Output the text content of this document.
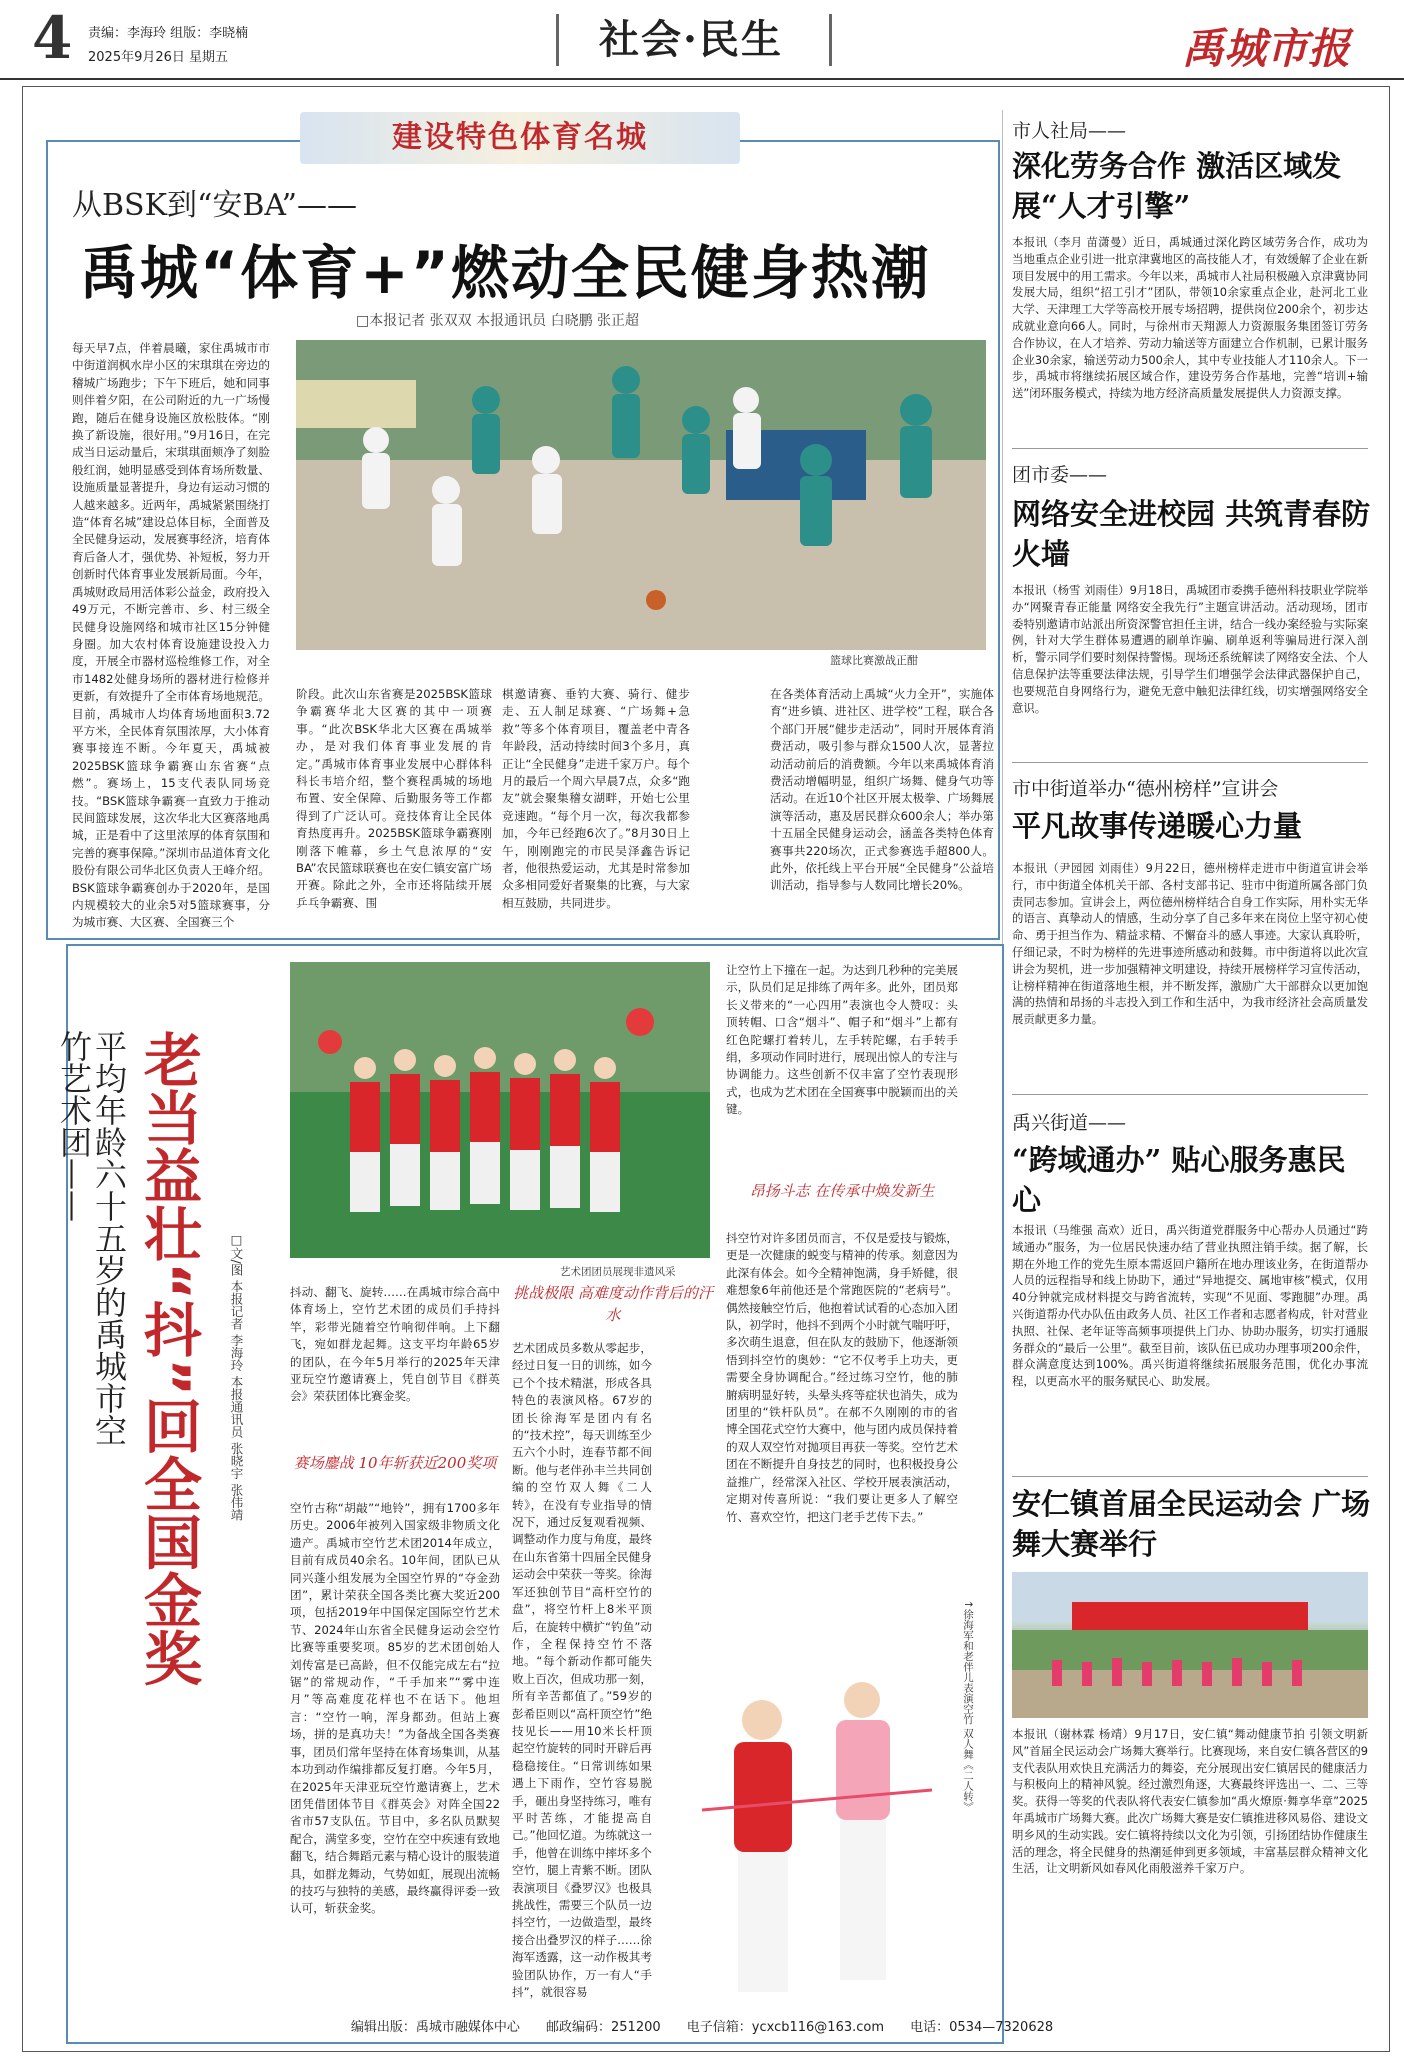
4 责编：李海玲 组版：李晓楠
2025年9月26日 星期五	社会·民生	禹城市报
建设特色体育名城
从BSK到“安BA”——
禹城“体育+”燃动全民健身热潮
□本报记者 张双双 本报通讯员 白晓鹏 张正超
每天早7点，伴着晨曦，家住禹城市市中街道润枫水岸小区的宋琪琪在旁边的稽城广场跑步；下午下班后，她和同事则伴着夕阳，在公司附近的九一广场慢跑，随后在健身设施区放松肢体。“刚换了新设施，很好用。”9月16日，在完成当日运动量后，宋琪琪面颊净了刻脸般红润，她明显感受到体育场所数量、设施质量显著提升，身边有运动习惯的人越来越多。近两年，禹城紧紧围绕打造“体育名城”建设总体目标，全面普及全民健身运动，发展赛事经济，培育体育后备人才，强优势、补短板，努力开创新时代体育事业发展新局面。今年，禹城财政局用活体彩公益金，政府投入49万元，不断完善市、乡、村三级全民健身设施网络和城市社区15分钟健身圈。加大农村体育设施建设投入力度，开展全市器材巡检维修工作，对全市1482处健身场所的器材进行检修并更新，有效提升了全市体育场地规范。目前，禹城市人均体育场地面积3.72平方米，全民体育氛围浓厚，大小体育赛事接连不断。今年夏天，禹城被2025BSK篮球争霸赛山东省赛“点燃”。赛场上，15支代表队同场竞技。“BSK篮球争霸赛一直致力于推动民间篮球发展，这次华北大区赛落地禹城，正是看中了这里浓厚的体育氛围和完善的赛事保障。”深圳市品道体育文化股份有限公司华北区负责人王峰介绍。BSK篮球争霸赛创办于2020年，是国内规模较大的业余5对5篮球赛事，分为城市赛、大区赛、全国赛三个
篮球比赛激战正酣
阶段。此次山东省赛是2025BSK篮球争霸赛华北大区赛的其中一项赛事。“此次BSK华北大区赛在禹城举办，是对我们体育事业发展的肯定。”禹城市体育事业发展中心群体科科长韦培介绍，整个赛程禹城的场地布置、安全保障、后勤服务等工作都得到了广泛认可。竞技体育让全民体育热度再升。2025BSK篮球争霸赛刚刚落下帷幕，乡土气息浓厚的“安BA”农民篮球联赛也在安仁镇安富广场开赛。除此之外，全市还将陆续开展乒乓争霸赛、围
棋邀请赛、垂钓大赛、骑行、健步走、五人制足球赛、“广场舞+急救”等多个体育项目，覆盖老中青各年龄段，活动持续时间3个多月，真正让“全民健身”走进千家万户。每个月的最后一个周六早晨7点，众多“跑友”就会聚集稽女湖畔，开始七公里竞速跑。“每个月一次，每次我都参加，今年已经跑6次了。”8月30日上午，刚刚跑完的市民吴泽鑫告诉记者，他很热爱运动，尤其是时常参加众多相同爱好者聚集的比赛，与大家相互鼓励，共同进步。
在各类体育活动上禹城“火力全开”，实施体育“进乡镇、进社区、进学校”工程，联合各个部门开展“健步走活动”，同时开展体育消费活动，吸引参与群众1500人次，显著拉动活动前后的消费额。今年以来禹城体育消费活动增幅明显，组织广场舞、健身气功等活动。在近10个社区开展太极拳、广场舞展演等活动，惠及居民群众600余人；举办第十五届全民健身运动会，涵盖各类特色体育赛事共220场次，正式参赛选手超800人。此外，依托线上平台开展“全民健身”公益培训活动，指导参与人数同比增长20%。
平均年龄六十五岁的禹城市空竹艺术团—— 老当益壮“抖”回全国金奖	□文/图 本报记者 李海玲 本报通讯员 张晓宇 张伟靖	艺术团团员展现非遗风采
抖动、翻飞、旋转……在禹城市综合高中体育场上，空竹艺术团的成员们手持抖竿，彩带光随着空竹响彻伴响。上下翻飞，宛如群龙起舞。这支平均年龄65岁的团队，在今年5月举行的2025年天津亚玩空竹邀请赛上，凭自创节目《群英会》荣获团体比赛金奖。
赛场鏖战 10年斩获近200奖项
空竹古称“胡敲”“地铃”，拥有1700多年历史。2006年被列入国家级非物质文化遗产。禹城市空竹艺术团2014年成立，目前有成员40余名。10年间，团队已从同兴蓬小组发展为全国空竹界的“夺金劲团”，累计荣获全国各类比赛大奖近200项，包括2019年中国保定国际空竹艺术节、2024年山东省全民健身运动会空竹比赛等重要奖项。85岁的艺术团创始人刘传富是已高龄，但不仅能完成左右“拉锯”的常规动作，“千手加来”“雾中连月”等高难度花样也不在话下。他坦言：“空竹一响，浑身都劲。但站上赛场，拼的是真功夫！”为备战全国各类赛事，团员们常年坚持在体育场集训，从基本功到动作编排都反复打磨。今年5月，在2025年天津亚玩空竹邀请赛上，艺术团凭借团体节目《群英会》对阵全国22省市57支队伍。节目中，多名队员默契配合，满堂多变，空竹在空中疾速有致地翻飞，结合舞蹈元素与精心设计的服装道具，如群龙舞动，气势如虹，展现出流畅的技巧与独特的美感，最终赢得评委一致认可，斩获金奖。
挑战极限 高难度动作背后的汗水
艺术团成员多数从零起步，经过日复一日的训练，如今已个个技术精湛，形成各具特色的表演风格。67岁的团长徐海军是团内有名的“技术控”，每天训练至少五六个小时，连春节都不间断。他与老伴孙丰兰共同创编的空竹双人舞《二人转》，在没有专业指导的情况下，通过反复观看视频、调整动作力度与角度，最终在山东省第十四届全民健身运动会中荣获一等奖。徐海军还独创节目“高杆空竹的盘”，将空竹杆上8米平顶后，在旋转中横扩“钓鱼”动作，全程保持空竹不落地。“每个新动作都可能失败上百次，但成功那一刻，所有辛苦都值了。”59岁的彭希臣则以“高杆顶空竹”绝技见长——用10米长杆顶起空竹旋转的同时开辟后再稳稳接住。“日常训练如果遇上下雨作，空竹容易脱手，砸出身坚持练习，唯有平时苦练，才能提高自己。”他回忆道。为练就这一手，他曾在训练中摔坏多个空竹，腿上青紫不断。团队表演项目《叠罗汉》也极具挑战性，需要三个队员一边抖空竹，一边做造型，最终接合出叠罗汉的样子……徐海军透露，这一动作极其考验团队协作，万一有人“手抖”，就很容易
让空竹上下撞在一起。为达到几秒种的完美展示，队员们足足排练了两年多。此外，团员郑长义带来的“一心四用”表演也令人赞叹：头顶转帽、口含“烟斗”、帽子和“烟斗”上都有红色陀螺打着转儿，左手转陀螺，右手转手绢，多项动作同时进行，展现出惊人的专注与协调能力。这些创新不仅丰富了空竹表现形式，也成为艺术团在全国赛事中脱颖而出的关键。
昂扬斗志 在传承中焕发新生
抖空竹对许多团员而言，不仅是爱技与锻炼，更是一次健康的蜕变与精神的传承。刻意因为此深有体会。如今全精神饱满，身手矫健，很难想象6年前他还是个常跑医院的“老病号”。偶然接触空竹后，他抱着试试看的心态加入团队，初学时，他抖不到两个小时就气喘吁吁，多次萌生退意，但在队友的鼓励下，他逐渐领悟到抖空竹的奥妙：“它不仅考手上功夫，更需要全身协调配合。”经过练习空竹，他的肺腑病明显好转，头晕头疼等症状也消失，成为团里的“铁杆队员”。在郝不久刚刚的市的省博全国花式空竹大赛中，他与团内成员保持着的双人双空竹对抛项目再获一等奖。空竹艺术团在不断提升自身技艺的同时，也积极投身公益推广，经常深入社区、学校开展表演活动，定期对传喜所说：“我们要让更多人了解空竹、喜欢空竹，把这门老手艺传下去。”
↑徐海军和老伴儿表演空竹 双人舞《二人转》
市人社局——
深化劳务合作 激活区域发展“人才引擎”
本报讯（李月 苗潇曼）近日，禹城通过深化跨区域劳务合作，成功为当地重点企业引进一批京津冀地区的高技能人才，有效缓解了企业在新项目发展中的用工需求。今年以来，禹城市人社局积极融入京津冀协同发展大局，组织“招工引才”团队，带领10余家重点企业，赴河北工业大学、天津理工大学等高校开展专场招聘，提供岗位200余个，初步达成就业意向66人。同时，与徐州市天翔源人力资源服务集团签订劳务合作协议，在人才培养、劳动力输送等方面建立合作机制，已累计服务企业30余家，输送劳动力500余人，其中专业技能人才110余人。下一步，禹城市将继续拓展区域合作，建设劳务合作基地，完善“培训+输送”闭环服务模式，持续为地方经济高质量发展提供人力资源支撑。
团市委——
网络安全进校园 共筑青春防火墙
本报讯（杨雪 刘雨佳）9月18日，禹城团市委携手德州科技职业学院举办“网聚青春正能量 网络安全我先行”主题宣讲活动。活动现场，团市委特别邀请市站派出所资深警官担任主讲，结合一线办案经验与实际案例，针对大学生群体易遭遇的刷单诈骗、刷单返利等骗局进行深入剖析，警示同学们要时刻保持警惕。现场还系统解读了网络安全法、个人信息保护法等重要法律法规，引导学生们增强学会法律武器保护自己，也要规范自身网络行为，避免无意中触犯法律红线，切实增强网络安全意识。
市中街道举办“德州榜样”宣讲会
平凡故事传递暖心力量
本报讯（尹园园 刘雨佳）9月22日，德州榜样走进市中街道宣讲会举行，市中街道全体机关干部、各村支部书记、驻市中街道所属各部门负责同志参加。宣讲会上，两位德州榜样结合自身工作实际，用朴实无华的语言、真挚动人的情感，生动分享了自己多年来在岗位上坚守初心使命、勇于担当作为、精益求精、不懈奋斗的感人事迹。大家认真聆听，仔细记录，不时为榜样的先进事迹所感动和鼓舞。市中街道将以此次宣讲会为契机，进一步加强精神文明建设，持续开展榜样学习宣传活动，让榜样精神在街道落地生根，并不断发挥，激励广大干部群众以更加饱满的热情和昂扬的斗志投入到工作和生活中，为我市经济社会高质量发展贡献更多力量。
禹兴街道——
“跨域通办” 贴心服务惠民心
本报讯（马维强 高欢）近日，禹兴街道党群服务中心帮办人员通过“跨域通办”服务，为一位居民快速办结了营业执照注销手续。据了解，长期在外地工作的党先生原本需返回户籍所在地办理该业务，在街道帮办人员的远程指导和线上协助下，通过“异地提交、属地审核”模式，仅用40分钟就完成材料提交与跨省流转，实现“不见面、零跑腿”办理。禹兴街道帮办代办队伍由政务人员、社区工作者和志愿者构成，针对营业执照、社保、老年证等高频事项提供上门办、协助办服务，切实打通服务群众的“最后一公里”。截至目前，该队伍已成功办理事项200余件，群众满意度达到100%。禹兴街道将继续拓展服务范围，优化办事流程，以更高水平的服务赋民心、助发展。
安仁镇首届全民运动会 广场舞大赛举行
本报讯（谢林霖 杨靖）9月17日，安仁镇“舞动健康节拍 引领文明新风”首届全民运动会广场舞大赛举行。比赛现场，来自安仁镇各营区的9支代表队用欢快且充满活力的舞姿，充分展现出安仁镇居民的健康活力与积极向上的精神风貌。经过激烈角逐，大赛最终评选出一、二、三等奖。获得一等奖的代表队将代表安仁镇参加“禹火燎原·舞享华章”2025年禹城市广场舞大赛。此次广场舞大赛是安仁镇推进移风易俗、建设文明乡风的生动实践。安仁镇将持续以文化为引领，引扬团结协作健康生活的理念，将全民健身的热潮延伸到更多领域，丰富基层群众精神文化生活，让文明新风如春风化雨般滋养千家万户。
编辑出版：禹城市融媒体中心 邮政编码：251200 电子信箱：ycxcb116@163.com 电话：0534—7320628
